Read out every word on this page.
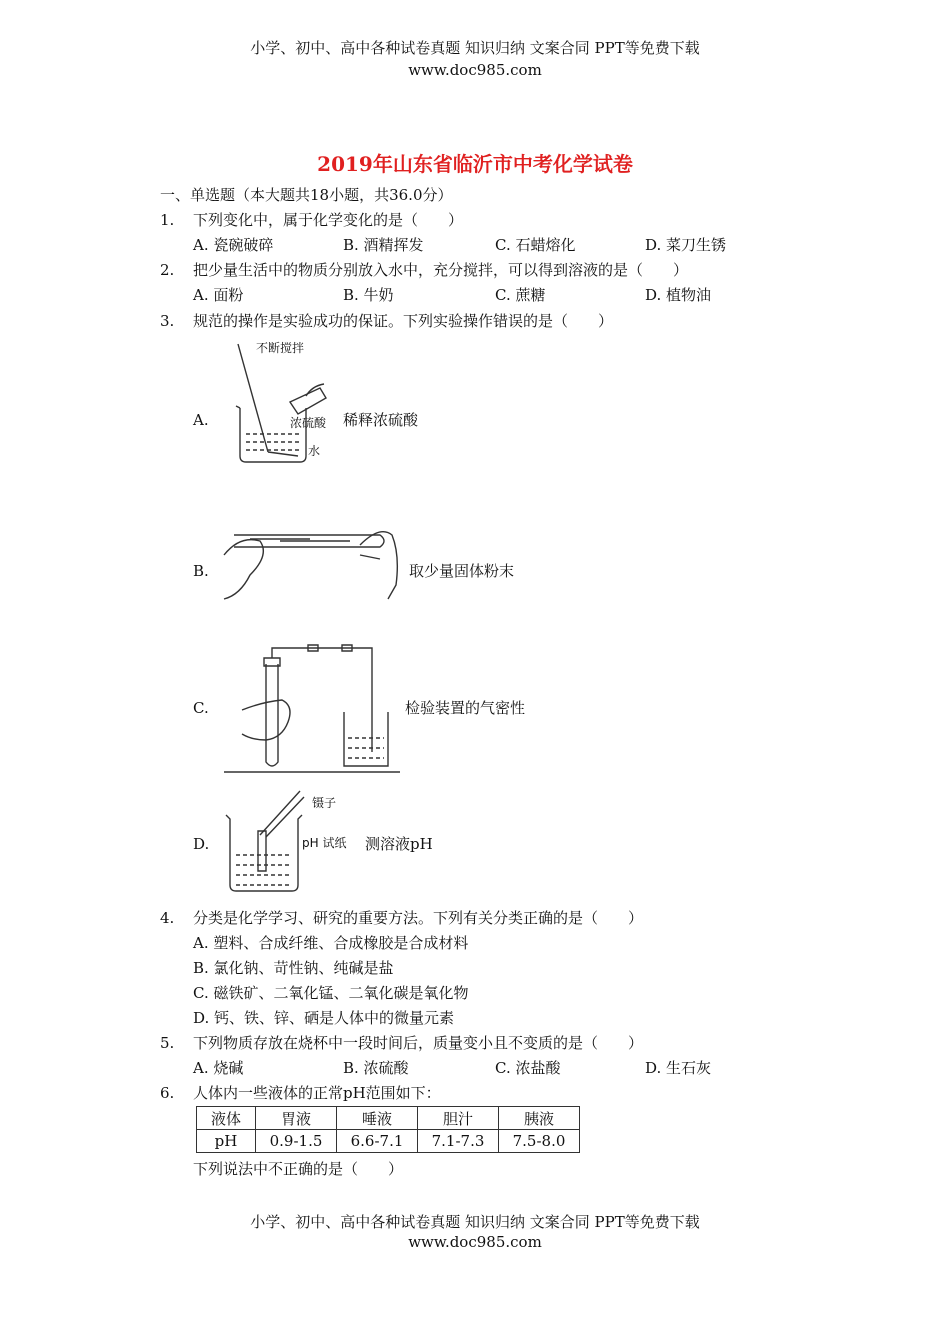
小学、初中、高中各种试卷真题 知识归纳 文案合同 PPT等免费下载
www.doc985.com
2019年山东省临沂市中考化学试卷
一、单选题（本大题共18小题，共36.0分）
1. 下列变化中，属于化学变化的是（　　）
A. 瓷碗破碎	B. 酒精挥发	C. 石蜡熔化	D. 菜刀生锈
2. 把少量生活中的物质分别放入水中，充分搅拌，可以得到溶液的是（　　）
A. 面粉	B. 牛奶	C. 蔗糖	D. 植物油
3. 规范的操作是实验成功的保证。下列实验操作错误的是（　　）
A.
不断搅拌
浓硫酸
水
稀释浓硫酸
B.	取少量固体粉末
C.	检验装置的气密性
D.
镊子
pH 试纸 测溶液pH
4. 分类是化学学习、研究的重要方法。下列有关分类正确的是（　　）
A. 塑料、合成纤维、合成橡胶是合成材料
B. 氯化钠、苛性钠、纯碱是盐
C. 磁铁矿、二氧化锰、二氧化碳是氧化物
D. 钙、铁、锌、硒是人体中的微量元素
5. 下列物质存放在烧杯中一段时间后，质量变小且不变质的是（　　）
A. 烧碱	B. 浓硫酸	C. 浓盐酸	D. 生石灰
6. 人体内一些液体的正常pH范围如下：
液体	胃液	唾液	胆汁	胰液
pH	0.9-1.5	6.6-7.1	7.1-7.3	7.5-8.0
下列说法中不正确的是（　　）
小学、初中、高中各种试卷真题 知识归纳 文案合同 PPT等免费下载
www.doc985.com
